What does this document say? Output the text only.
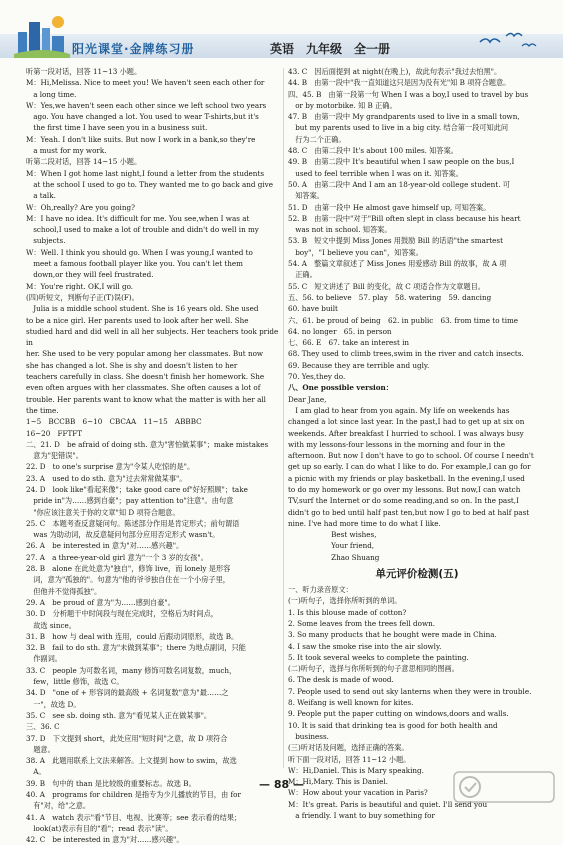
阳光课堂·金牌练习册	英语　九年级　全一册

听第一段对话，回答 11~13 小题。

M：Hi,Melissa. Nice to meet you! We haven't seen each other for

　a long time.

W：Yes,we haven't seen each other since we left school two years

　ago. You have changed a lot. You used to wear T-shirts,but it's

　the first time I have seen you in a business suit.

M：Yeah. I don't like suits. But now I work in a bank,so they're

　a must for my work.

听第二段对话，回答 14~15 小题。

M：When I got home last night,I found a letter from the students

　at the school I used to go to. They wanted me to go back and give

　a talk.

W：Oh,really? Are you going?

M：I have no idea. It's difficult for me. You see,when I was at

　school,I used to make a lot of trouble and didn't do well in my

　subjects.

W：Well. I think you should go. When I was young,I wanted to

　meet a famous football player like you. You can't let them

　down,or they will feel frustrated.

M：You're right. OK,I will go.

(四)听短文，判断句子正(T)误(F)。

　Julia is a middle school student. She is 16 years old. She used

to be a nice girl. Her parents used to look after her well. She

studied hard and did well in all her subjects. Her teachers took pride in

her. She used to be very popular among her classmates. But now

she has changed a lot. She is shy and doesn't listen to her

teachers carefully in class. She doesn't finish her homework. She

even often argues with her classmates. She often causes a lot of

trouble. Her parents want to know what the matter is with her all

the time.

1~5　BCCBB　6~10　CBCAA　11~15　ABBBC

16~20　FFTFT

二、21. D　be afraid of doing sth. 意为"害怕做某事"；make mistakes

　意为"犯错误"。

22. D　to one's surprise 意为"令某人吃惊的是"。

23. A　used to do sth. 意为"过去常常做某事"。

24. D　look like"看起来像"；take good care of"好好照顾"；take

　pride in"为……感到自豪"；pay attention to"注意"。由句意

　"你应该注意关于你的文章"知 D 项符合题意。

25. C　本题考查反意疑问句。陈述部分作用是肯定形式；前句谓语

　was 为助动词，故反意疑问句部分应用否定形式 wasn't。

26. A　be interested in 意为"对……感兴趣"。

27. A　a three-year-old girl 意为"一个 3 岁的女孩"。

28. B　alone 在此处意为"独自"，修饰 live，而 lonely 是形容

　词，意为"孤独的"。句意为"他的爷爷独自住在一个小房子里，

　但他并不觉得孤独"。

29. A　be proud of 意为"为……感到自豪"。

30. D　分析题干中时间段与现在完成时，空格后为时间点，

　故选 since。

31. B　how 与 deal with 连用，could 后跟动词原形，故选 B。

32. B　fail to do sth. 意为"未做到某事"；there 为地点副词，只能

　作副词。

33. C　people 为可数名词，many 修饰可数名词复数，much，

　few，little 修饰，故选 C。

34. D　"one of + 形容词的最高级 + 名词复数"意为"最……之

　一"，故选 D。

35. C　see sb. doing sth. 意为"看见某人正在做某事"。

三、36. C

37. D　下文提到 short，此处应用"短时间"之意，故 D 项符合

　题意。

38. A　此题用联系上文法来解答。上文提到 how to swim，故选

　A。

39. B　句中的 than 是比较级的重要标志。故选 B。

40. A　programs for children 是指专为少儿播放的节目，由 for

　有"对，给"之意。

41. A　watch 表示"看"节目、电视、比赛等；see 表示看的结果；

　look(at)表示有目的"看"；read 表示"读"。

42. C　be interested in 意为"对……感兴趣"。

43. C　因后面提到 at night(在晚上)，故此句表示"我过去怕黑"。

44. B　由第一段中"我一直知道这只是因为没有光"知 B 项符合题意。

四、45. B　由第一段第一句 When I was a boy,I used to travel by bus

　or by motorbike. 知 B 正确。

47. B　由第一段中 My grandparents used to live in a small town,

　but my parents used to live in a big city. 结合第一段可知此问

　行为二个正确。

48. C　由第二段中 It's about 100 miles. 知答案。

49. B　由第二段中 It's beautiful when I saw people on the bus,I

　used to feel terrible when I was on it. 知答案。

50. A　由第二段中 And I am an 18-year-old college student. 可

　知答案。

51. D　由第一段中 He almost gave himself up, 可知答案。

52. B　由第一段中"对于"Bill often slept in class because his heart

　was not in school. 知答案。

53. B　短文中提到 Miss Jones 用鼓励 Bill 的话语"the smartest

　boy"，"I believe you can"，知答案。

54. A　整篇文章叙述了 Miss Jones 用爱感动 Bill 的故事，故 A 项

　正确。

55. C　短文讲述了 Bill 的变化，故 C 项适合作为文章题目。

五、56. to believe　57. play　58. watering　59. dancing

60. have built

六、61. be proud of being　62. in public　63. from time to time

64. no longer　65. in person

七、66. E　67. take an interest in

68. They used to climb trees,swim in the river and catch insects.

69. Because they are terrible and ugly.

70. Yes,they do.

八、One possible version：

Dear Jane,

　I am glad to hear from you again. My life on weekends has

changed a lot since last year. In the past,I had to get up at six on

weekends. After breakfast I hurried to school. I was always busy

with my lessons-four lessons in the morning and four in the

afternoon. But now I don't have to go to school. Of course I needn't

get up so early. I can do what I like to do. For example,I can go for

a picnic with my friends or play basketball. In the evening,I used

to do my homework or go over my lessons. But now,I can watch

TV,surf the Internet or do some reading,and so on. In the past,I

didn't go to bed until half past ten,but now I go to bed at half past

nine. I've had more time to do what I like.

　　　　　　Best wishes,

　　　　　　Your friend,

　　　　　　Zhao Shuang

单元评价检测(五)

一、听力录音原文：

(一)听句子，选择你所听到的单词。

1. Is this blouse made of cotton?

2. Some leaves from the trees fell down.

3. So many products that he bought were made in China.

4. I saw the smoke rise into the air slowly.

5. It took several weeks to complete the painting.

(二)听句子，选择与你所听到的句子意思相同的图画。

6. The desk is made of wood.

7. People used to send out sky lanterns when they were in trouble.

8. Weifang is well known for kites.

9. People put the paper cutting on windows,doors and walls.

10. It is said that drinking tea is good for both health and

　business.

(三)听对话及问题，选择正确的答案。

听下面一段对话，回答 11~12 小题。

W：Hi,Daniel. This is Mary speaking.

M：Hi,Mary. This is Daniel.

W：How about your vacation in Paris?

M：It's great. Paris is beautiful and quiet. I'll send you

　a friendly. I want to buy something for

— 88 —
